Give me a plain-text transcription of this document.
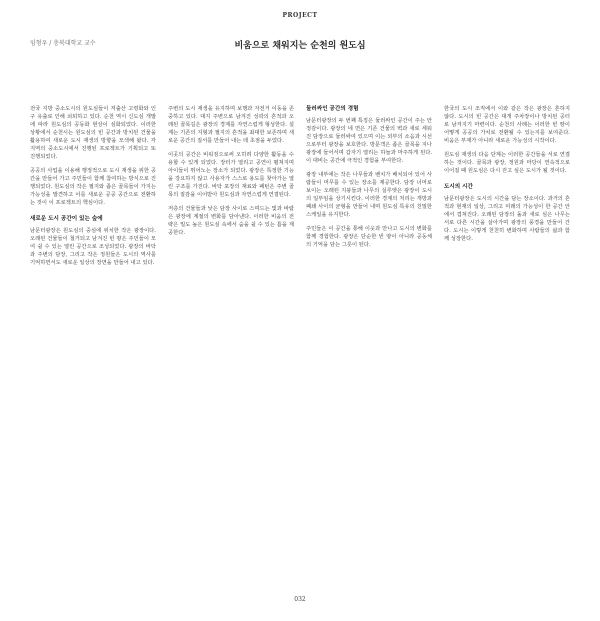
PROJECT
임형우 / 충북대학교 교수	비움으로 채워지는 순천의 원도심

전국 지방 중소도시의 원도심들이 저출산 고령화와 인구 유출로 인해 쇠퇴하고 있다. 순천 역시 신도심 개발에 따라 원도심의 공동화 현상이 심화되었다. 이러한 상황에서 순천시는 원도심의 빈 공간과 방치된 건물을 활용하여 새로운 도시 재생의 방향을 모색해 왔다. 각 지역의 중소도시에서 진행된 프로젝트가 기획되고 또 진행되었다.

공공의 사업을 이용해 행정적으로 도시 재생을 위한 공간을 만들어 가고 주민들이 함께 참여하는 방식으로 진행되었다. 원도심의 작은 필지와 좁은 골목들이 가지는 가능성을 발견하고 이를 새로운 공공 공간으로 전환하는 것이 이 프로젝트의 핵심이다.

새로운 도시 공간이 있는 숲에

남문터광장은 원도심의 중심에 위치한 작은 광장이다. 오래된 건물들이 철거되고 남겨진 빈 땅은 주민들이 모여 쉴 수 있는 열린 공간으로 조성되었다. 광장의 바닥과 주변의 담장, 그리고 작은 정원들은 도시의 역사를 기억하면서도 새로운 일상의 장면을 만들어 내고 있다.

주변의 도시 재생을 유지하며 보행과 자전거 이동을 존중하고 있다. 대지 주변으로 남겨진 성곽의 흔적과 오래된 골목길은 광장의 경계를 자연스럽게 형성한다. 설계는 기존의 지형과 필지의 흔적을 최대한 보존하며 새로운 공간의 질서를 만들어 내는 데 초점을 두었다.

이곳의 공간은 비워짐으로써 오히려 다양한 활동을 수용할 수 있게 되었다. 장터가 열리고 공연이 펼쳐지며 아이들이 뛰어노는 장소가 되었다. 광장은 특정한 기능을 강요하지 않고 사용자가 스스로 용도를 찾아가는 열린 구조를 가진다. 바닥 포장의 재료와 패턴은 주변 골목의 질감을 이어받아 원도심과 자연스럽게 연결된다.

저층의 건물들과 낮은 담장 사이로 스며드는 빛과 바람은 광장에 계절의 변화를 담아낸다. 이러한 비움의 전략은 밀도 높은 원도심 속에서 숨을 쉴 수 있는 틈을 제공한다.

둘러싸인 공간의 경험

남문터광장의 두 번째 특징은 둘러싸인 공간이 주는 안정감이다. 광장의 네 면은 기존 건물의 벽과 새로 세워진 담장으로 둘러싸여 있으며 이는 외부의 소음과 시선으로부터 광장을 보호한다. 방문객은 좁은 골목을 지나 광장에 들어서며 갑자기 열리는 하늘과 마주하게 된다. 이 대비는 공간에 극적인 경험을 부여한다.

광장 내부에는 작은 나무들과 벤치가 배치되어 있어 사람들이 머무를 수 있는 장소를 제공한다. 담장 너머로 보이는 오래된 지붕들과 나무의 실루엣은 광장이 도시의 일부임을 상기시킨다. 이러한 경계의 처리는 개방과 폐쇄 사이의 균형을 만들어 내며 원도심 특유의 친밀한 스케일을 유지한다.

주민들은 이 공간을 통해 이웃과 만나고 도시의 변화를 함께 경험한다. 광장은 단순한 빈 땅이 아니라 공동체의 기억을 담는 그릇이 된다.

한국의 도시 조직에서 이와 같은 작은 광장은 흔하지 않다. 도시의 빈 공간은 대개 주차장이나 방치된 공터로 남겨지기 마련이다. 순천의 사례는 이러한 빈 땅이 어떻게 공공의 가치로 전환될 수 있는지를 보여준다. 비움은 부재가 아니라 새로운 가능성의 시작이다.

원도심 재생의 다음 단계는 이러한 공간들을 서로 연결하는 것이다. 골목과 광장, 정원과 마당이 연속적으로 이어질 때 원도심은 다시 걷고 싶은 도시가 될 것이다.

도시의 시간

남문터광장은 도시의 시간을 담는 장소이다. 과거의 흔적과 현재의 일상, 그리고 미래의 가능성이 한 공간 안에서 겹쳐진다. 오래된 담장의 돌과 새로 심은 나무는 서로 다른 시간을 살아가며 광장의 풍경을 만들어 간다. 도시는 이렇게 천천히 변화하며 사람들의 삶과 함께 성장한다.

032
